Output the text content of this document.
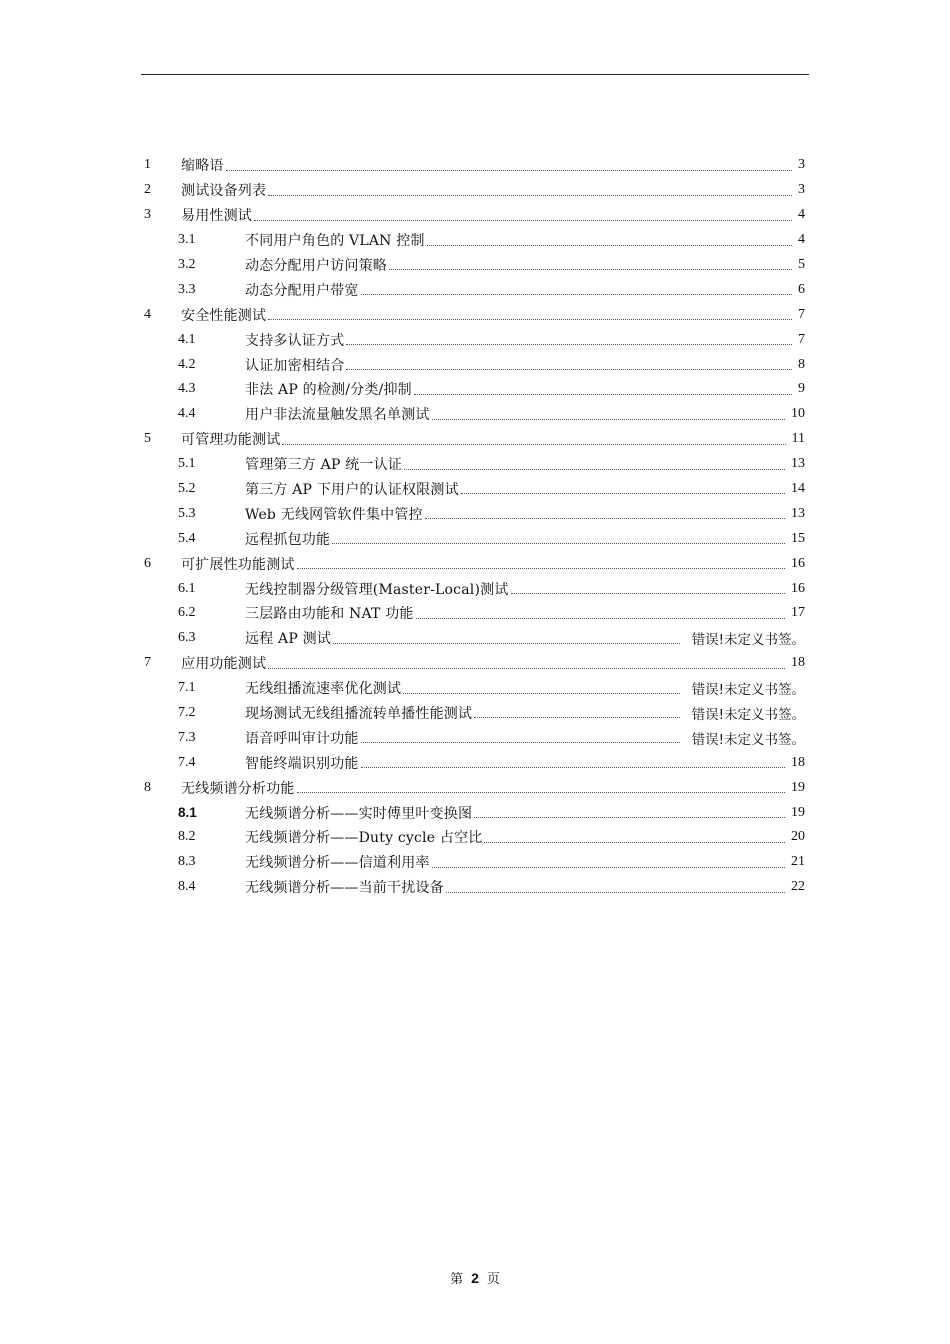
1	缩略语	3
2	测试设备列表	3
3	易用性测试	4
3.1	不同用户角色的 VLAN 控制	4
3.2	动态分配用户访问策略	5
3.3	动态分配用户带宽	6
4	安全性能测试	7
4.1	支持多认证方式	7
4.2	认证加密相结合	8
4.3	非法 AP 的检测/分类/抑制	9
4.4	用户非法流量触发黑名单测试	10
5	可管理功能测试	11
5.1	管理第三方 AP 统一认证	13
5.2	第三方 AP 下用户的认证权限测试	14
5.3	Web 无线网管软件集中管控	13
5.4	远程抓包功能	15
6	可扩展性功能测试	16
6.1	无线控制器分级管理(Master-Local)测试	16
6.2	三层路由功能和 NAT 功能	17
6.3	远程 AP 测试	错误!未定义书签。
7	应用功能测试	18
7.1	无线组播流速率优化测试	错误!未定义书签。
7.2	现场测试无线组播流转单播性能测试	错误!未定义书签。
7.3	语音呼叫审计功能	错误!未定义书签。
7.4	智能终端识别功能	18
8	无线频谱分析功能	19
8.1	无线频谱分析——实时傅里叶变换图	19
8.2	无线频谱分析——Duty cycle 占空比	20
8.3	无线频谱分析——信道利用率	21
8.4	无线频谱分析——当前干扰设备	22
第 2 页
